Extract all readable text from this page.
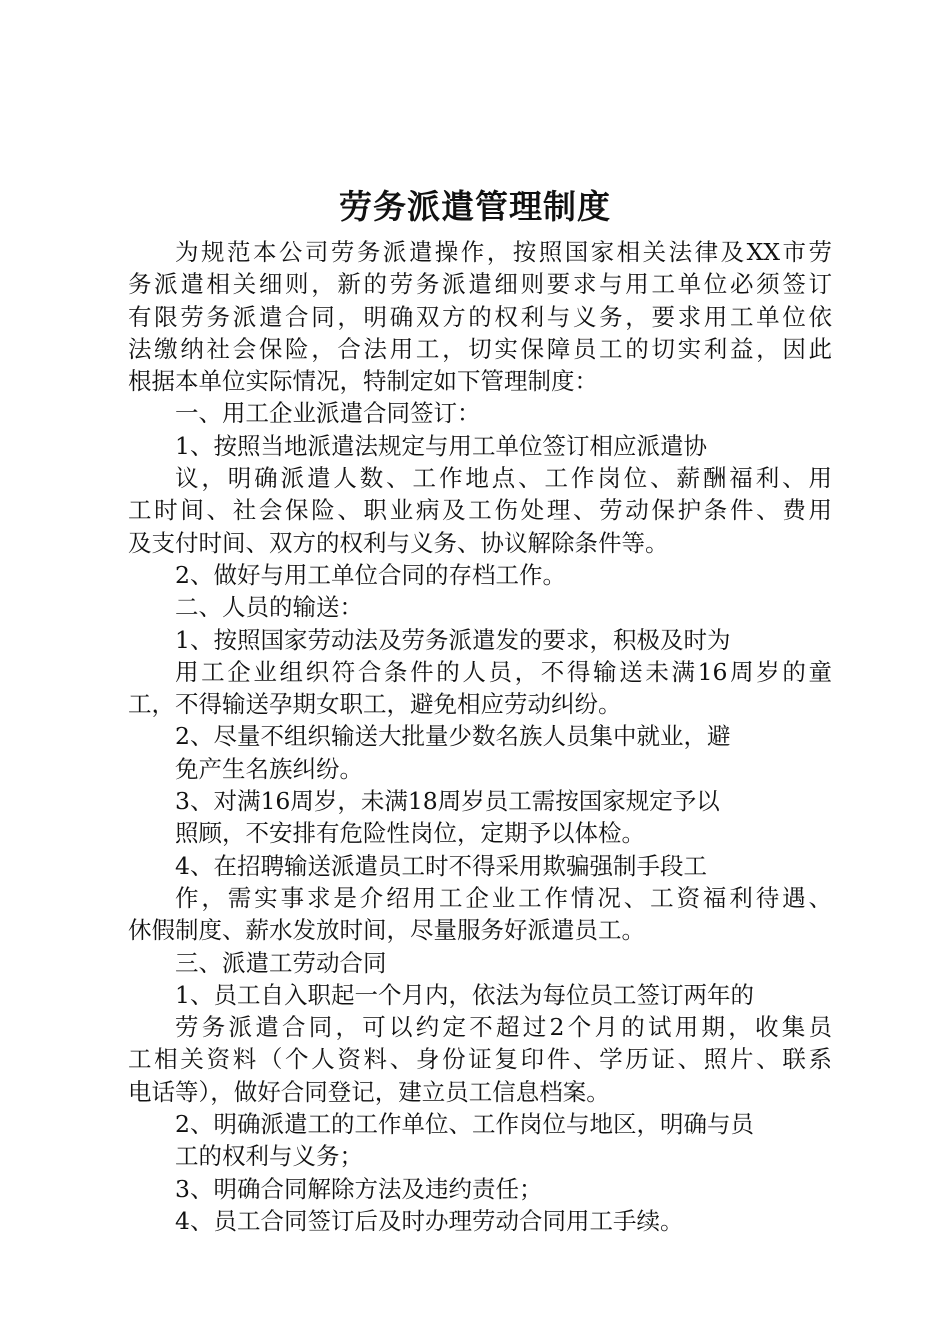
劳务派遣管理制度
为规范本公司劳务派遣操作，按照国家相关法律及XX市劳
务派遣相关细则，新的劳务派遣细则要求与用工单位必须签订
有限劳务派遣合同，明确双方的权利与义务，要求用工单位依
法缴纳社会保险，合法用工，切实保障员工的切实利益，因此
根据本单位实际情况，特制定如下管理制度：
一、用工企业派遣合同签订：
1、按照当地派遣法规定与用工单位签订相应派遣协
议，明确派遣人数、工作地点、工作岗位、薪酬福利、用
工时间、社会保险、职业病及工伤处理、劳动保护条件、费用
及支付时间、双方的权利与义务、协议解除条件等。
2、做好与用工单位合同的存档工作。
二、人员的输送：
1、按照国家劳动法及劳务派遣发的要求，积极及时为
用工企业组织符合条件的人员，不得输送未满16周岁的童
工，不得输送孕期女职工，避免相应劳动纠纷。
2、尽量不组织输送大批量少数名族人员集中就业，避
免产生名族纠纷。
3、对满16周岁，未满18周岁员工需按国家规定予以
照顾，不安排有危险性岗位，定期予以体检。
4、在招聘输送派遣员工时不得采用欺骗强制手段工
作，需实事求是介绍用工企业工作情况、工资福利待遇、
休假制度、薪水发放时间，尽量服务好派遣员工。
三、派遣工劳动合同
1、员工自入职起一个月内，依法为每位员工签订两年的
劳务派遣合同，可以约定不超过2个月的试用期，收集员
工相关资料（个人资料、身份证复印件、学历证、照片、联系
电话等），做好合同登记，建立员工信息档案。
2、明确派遣工的工作单位、工作岗位与地区，明确与员
工的权利与义务；
3、明确合同解除方法及违约责任；
4、员工合同签订后及时办理劳动合同用工手续。
